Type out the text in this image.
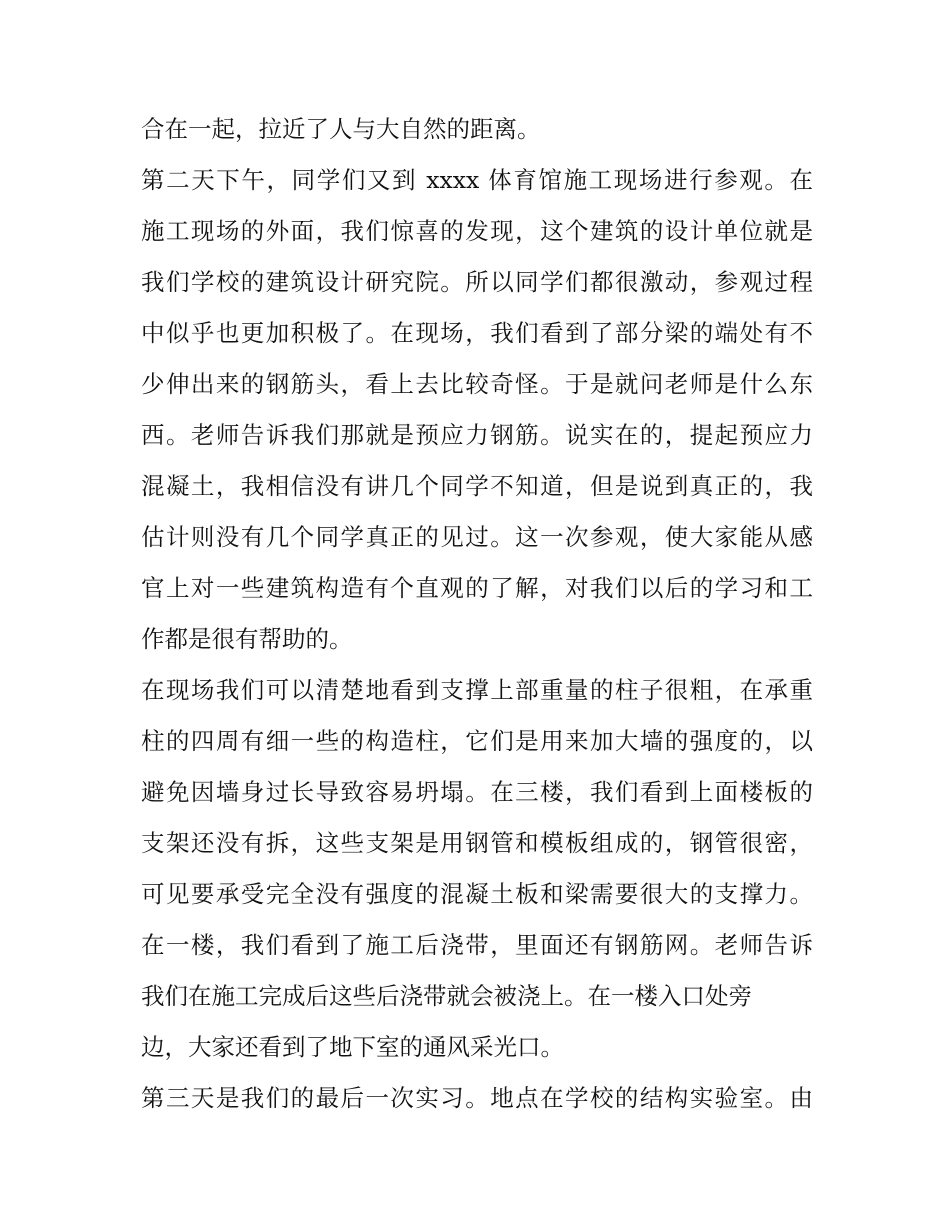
合在一起，拉近了人与大自然的距离。
第二天下午，同学们又到 xxxx 体育馆施工现场进行参观。在
施工现场的外面，我们惊喜的发现，这个建筑的设计单位就是
我们学校的建筑设计研究院。所以同学们都很激动，参观过程
中似乎也更加积极了。在现场，我们看到了部分梁的端处有不
少伸出来的钢筋头，看上去比较奇怪。于是就问老师是什么东
西。老师告诉我们那就是预应力钢筋。说实在的，提起预应力
混凝土，我相信没有讲几个同学不知道，但是说到真正的，我
估计则没有几个同学真正的见过。这一次参观，使大家能从感
官上对一些建筑构造有个直观的了解，对我们以后的学习和工
作都是很有帮助的。
在现场我们可以清楚地看到支撑上部重量的柱子很粗，在承重
柱的四周有细一些的构造柱，它们是用来加大墙的强度的，以
避免因墙身过长导致容易坍塌。在三楼，我们看到上面楼板的
支架还没有拆，这些支架是用钢管和模板组成的，钢管很密，
可见要承受完全没有强度的混凝土板和梁需要很大的支撑力。
在一楼，我们看到了施工后浇带，里面还有钢筋网。老师告诉
我们在施工完成后这些后浇带就会被浇上。在一楼入口处旁
边，大家还看到了地下室的通风采光口。
第三天是我们的最后一次实习。地点在学校的结构实验室。由
